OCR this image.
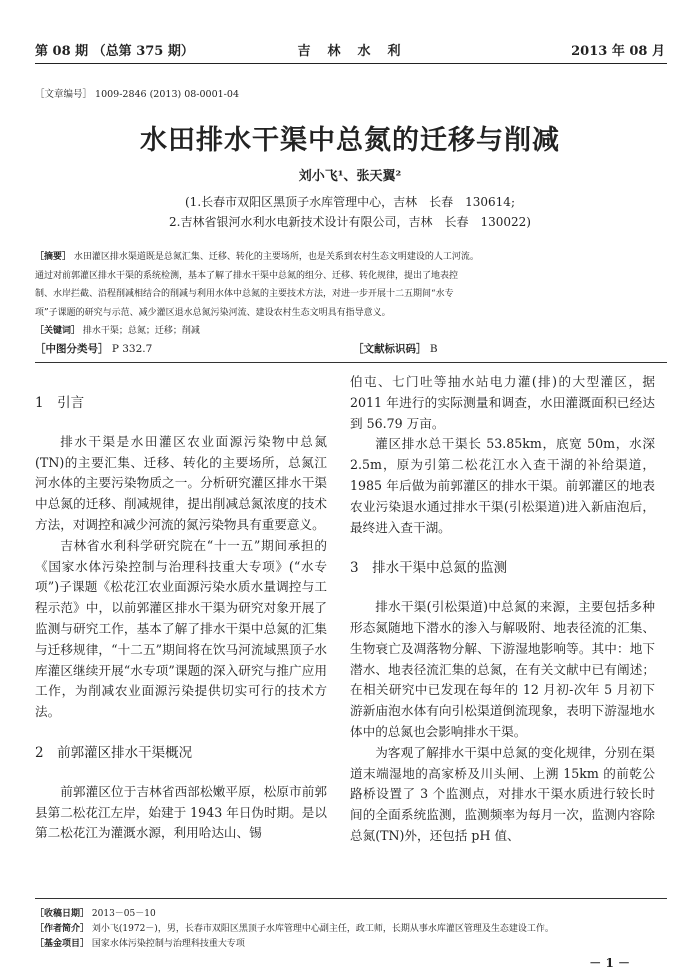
第 08 期 （总第 375 期）	吉　林　水　利	2013 年 08 月
［文章编号］ 1009-2846 (2013) 08-0001-04
水田排水干渠中总氮的迁移与削减
刘小飞¹、张天翼²
(1.长春市双阳区黑顶子水库管理中心，吉林　长春　130614;
2.吉林省银河水利水电新技术设计有限公司，吉林　长春　130022)
［摘要］ 水田灌区排水渠道既是总氮汇集、迁移、转化的主要场所，也是关系到农村生态文明建设的人工河流。
通过对前郭灌区排水干渠的系统检测，基本了解了排水干渠中总氮的组分、迁移、转化规律，提出了地表控
制、水岸拦截、沿程削减相结合的削减与利用水体中总氮的主要技术方法，对进一步开展十二五期间“水专
项”子课题的研究与示范、减少灌区退水总氮污染河流、建设农村生态文明具有指导意义。
［关键词］ 排水干渠；总氮；迁移；削减
［中图分类号］ P 332.7	［文献标识码］ B
1　引言

排水干渠是水田灌区农业面源污染物中总氮(TN)的主要汇集、迁移、转化的主要场所，总氮江河水体的主要污染物质之一。分析研究灌区排水干渠中总氮的迁移、削减规律，提出削减总氮浓度的技术方法，对调控和减少河流的氮污染物具有重要意义。

吉林省水利科学研究院在“十一五”期间承担的《国家水体污染控制与治理科技重大专项》(“水专项”)子课题《松花江农业面源污染水质水量调控与工程示范》中，以前郭灌区排水干渠为研究对象开展了监测与研究工作，基本了解了排水干渠中总氮的汇集与迁移规律，“十二五”期间将在饮马河流域黑顶子水库灌区继续开展“水专项”课题的深入研究与推广应用工作，为削减农业面源污染提供切实可行的技术方法。

2　前郭灌区排水干渠概况

前郭灌区位于吉林省西部松嫩平原，松原市前郭县第二松花江左岸，始建于 1943 年日伪时期。是以第二松花江为灌溉水源，利用哈达山、锡

伯屯、七门吐等抽水站电力灌(排)的大型灌区，据 2011 年进行的实际测量和调查，水田灌溉面积已经达到 56.79 万亩。

灌区排水总干渠长 53.85km，底宽 50m，水深 2.5m，原为引第二松花江水入查干湖的补给渠道，1985 年后做为前郭灌区的排水干渠。前郭灌区的地表农业污染退水通过排水干渠(引松渠道)进入新庙泡后，最终进入查干湖。

3　排水干渠中总氮的监测

排水干渠(引松渠道)中总氮的来源，主要包括多种形态氮随地下潜水的渗入与解吸附、地表径流的汇集、生物衰亡及凋落物分解、下游湿地影响等。其中：地下潜水、地表径流汇集的总氮，在有关文献中已有阐述；在相关研究中已发现在每年的 12 月初-次年 5 月初下游新庙泡水体有向引松渠道倒流现象，表明下游湿地水体中的总氮也会影响排水干渠。

为客观了解排水干渠中总氮的变化规律，分别在渠道末端湿地的高家桥及川头闸、上溯 15km 的前乾公路桥设置了 3 个监测点，对排水干渠水质进行较长时间的全面系统监测，监测频率为每月一次，监测内容除总氮(TN)外，还包括 pH 值、

［收稿日期］ 2013－05－10
［作者简介］ 刘小飞(1972－)，男，长春市双阳区黑顶子水库管理中心副主任，政工师，长期从事水库灌区管理及生态建设工作。
［基金项目］ 国家水体污染控制与治理科技重大专项
－ 1 －
